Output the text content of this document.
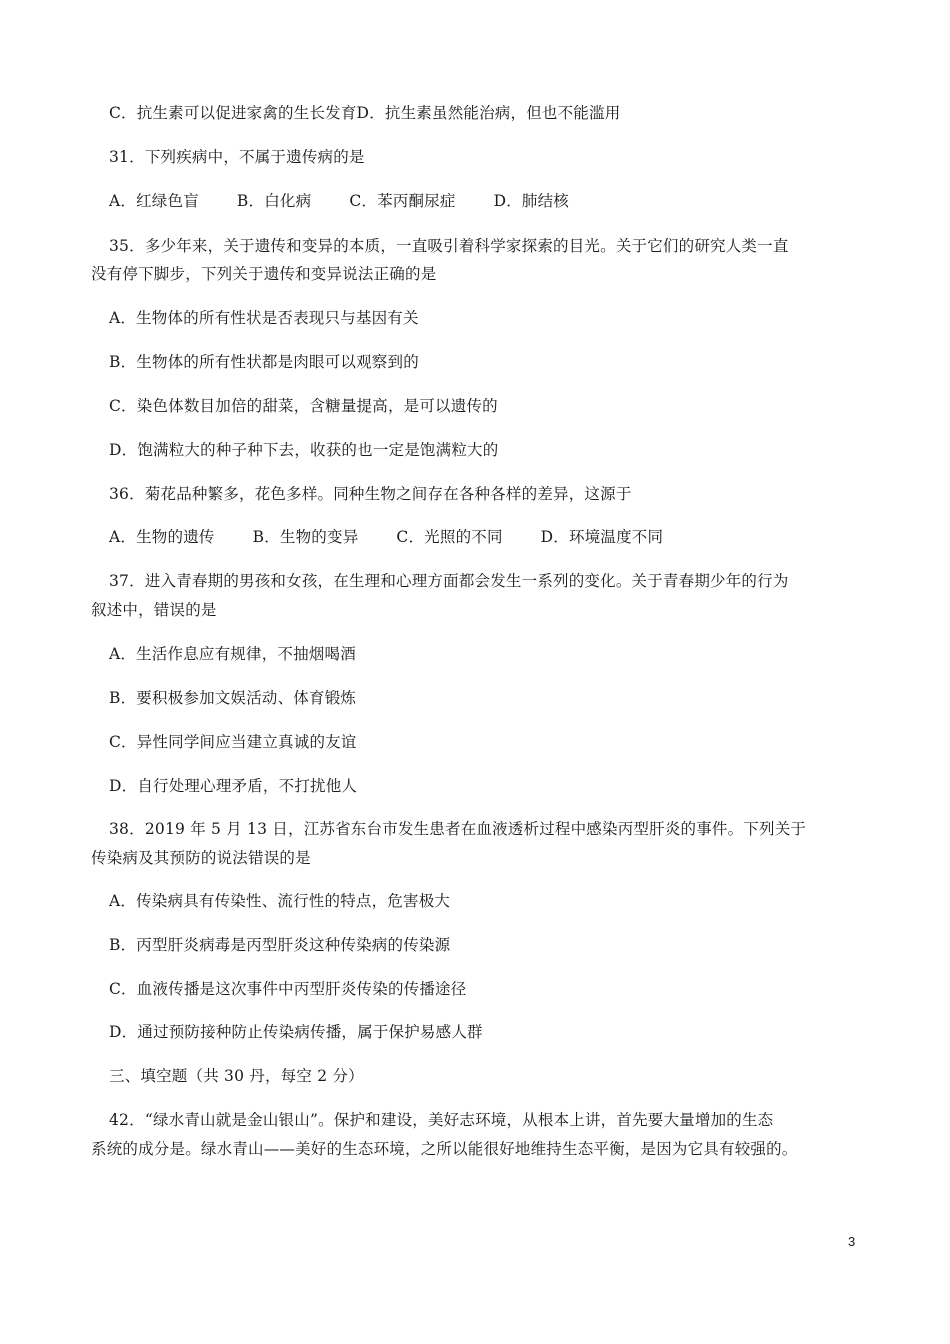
C．抗生素可以促进家禽的生长发育D．抗生素虽然能治病，但也不能滥用
31．下列疾病中，不属于遗传病的是
A．红绿色盲 B．白化病 C．苯丙酮尿症 D．肺结核
35．多少年来，关于遗传和变异的本质，一直吸引着科学家探索的目光。关于它们的研究人类一直
没有停下脚步，下列关于遗传和变异说法正确的是
A．生物体的所有性状是否表现只与基因有关
B．生物体的所有性状都是肉眼可以观察到的
C．染色体数目加倍的甜菜，含糖量提高，是可以遗传的
D．饱满粒大的种子种下去，收获的也一定是饱满粒大的
36．菊花品种繁多，花色多样。同种生物之间存在各种各样的差异，这源于
A．生物的遗传 B．生物的变异 C．光照的不同 D．环境温度不同
37．进入青春期的男孩和女孩，在生理和心理方面都会发生一系列的变化。关于青春期少年的行为
叙述中，错误的是
A．生活作息应有规律，不抽烟喝酒
B．要积极参加文娱活动、体育锻炼
C．异性同学间应当建立真诚的友谊
D．自行处理心理矛盾，不打扰他人
38．2019 年 5 月 13 日，江苏省东台市发生患者在血液透析过程中感染丙型肝炎的事件。下列关于
传染病及其预防的说法错误的是
A．传染病具有传染性、流行性的特点，危害极大
B．丙型肝炎病毒是丙型肝炎这种传染病的传染源
C．血液传播是这次事件中丙型肝炎传染的传播途径
D．通过预防接种防止传染病传播，属于保护易感人群
三、填空题（共 30 丹，每空 2 分）
42．“绿水青山就是金山银山”。保护和建设，美好志环境，从根本上讲，首先要大量增加的生态
系统的成分是。绿水青山——美好的生态环境，之所以能很好地维持生态平衡，是因为它具有较强的。
3
